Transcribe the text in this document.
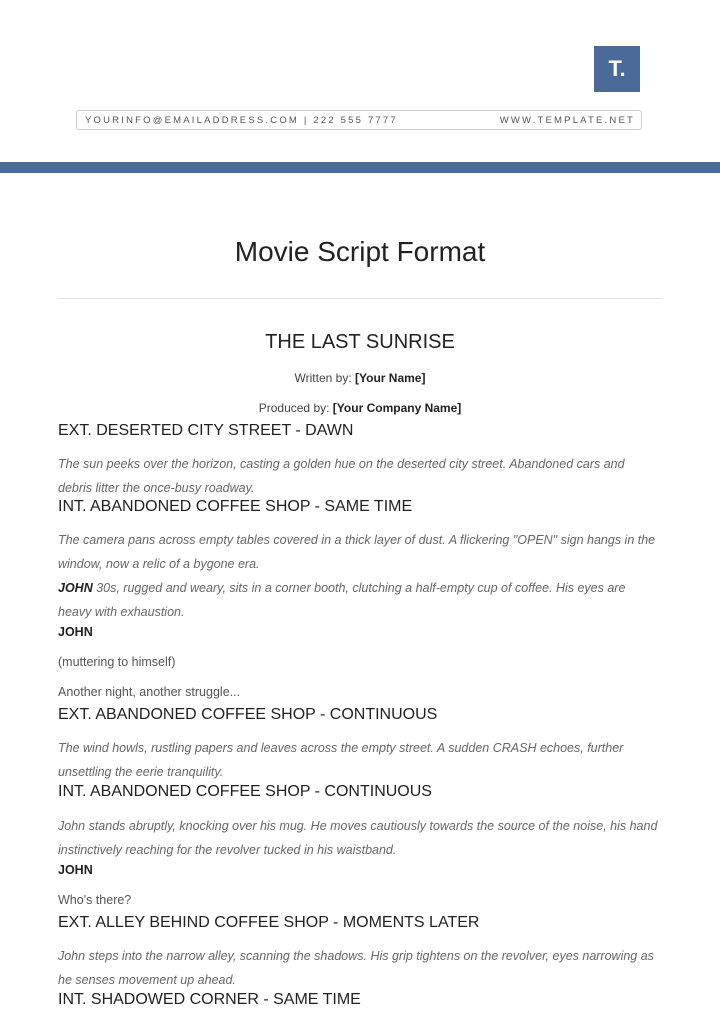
T.
YOURINFO@EMAILADDRESS.COM | 222 555 7777	WWW.TEMPLATE.NET
Movie Script Format
THE LAST SUNRISE
Written by: [Your Name]
Produced by: [Your Company Name]
EXT. DESERTED CITY STREET - DAWN
The sun peeks over the horizon, casting a golden hue on the deserted city street. Abandoned cars and debris litter the once-busy roadway.
INT. ABANDONED COFFEE SHOP - SAME TIME
The camera pans across empty tables covered in a thick layer of dust. A flickering "OPEN" sign hangs in the window, now a relic of a bygone era.
JOHN 30s, rugged and weary, sits in a corner booth, clutching a half-empty cup of coffee. His eyes are heavy with exhaustion.
JOHN
(muttering to himself)
Another night, another struggle...
EXT. ABANDONED COFFEE SHOP - CONTINUOUS
The wind howls, rustling papers and leaves across the empty street. A sudden CRASH echoes, further unsettling the eerie tranquility.
INT. ABANDONED COFFEE SHOP - CONTINUOUS
John stands abruptly, knocking over his mug. He moves cautiously towards the source of the noise, his hand instinctively reaching for the revolver tucked in his waistband.
JOHN
Who's there?
EXT. ALLEY BEHIND COFFEE SHOP - MOMENTS LATER
John steps into the narrow alley, scanning the shadows. His grip tightens on the revolver, eyes narrowing as he senses movement up ahead.
INT. SHADOWED CORNER - SAME TIME
